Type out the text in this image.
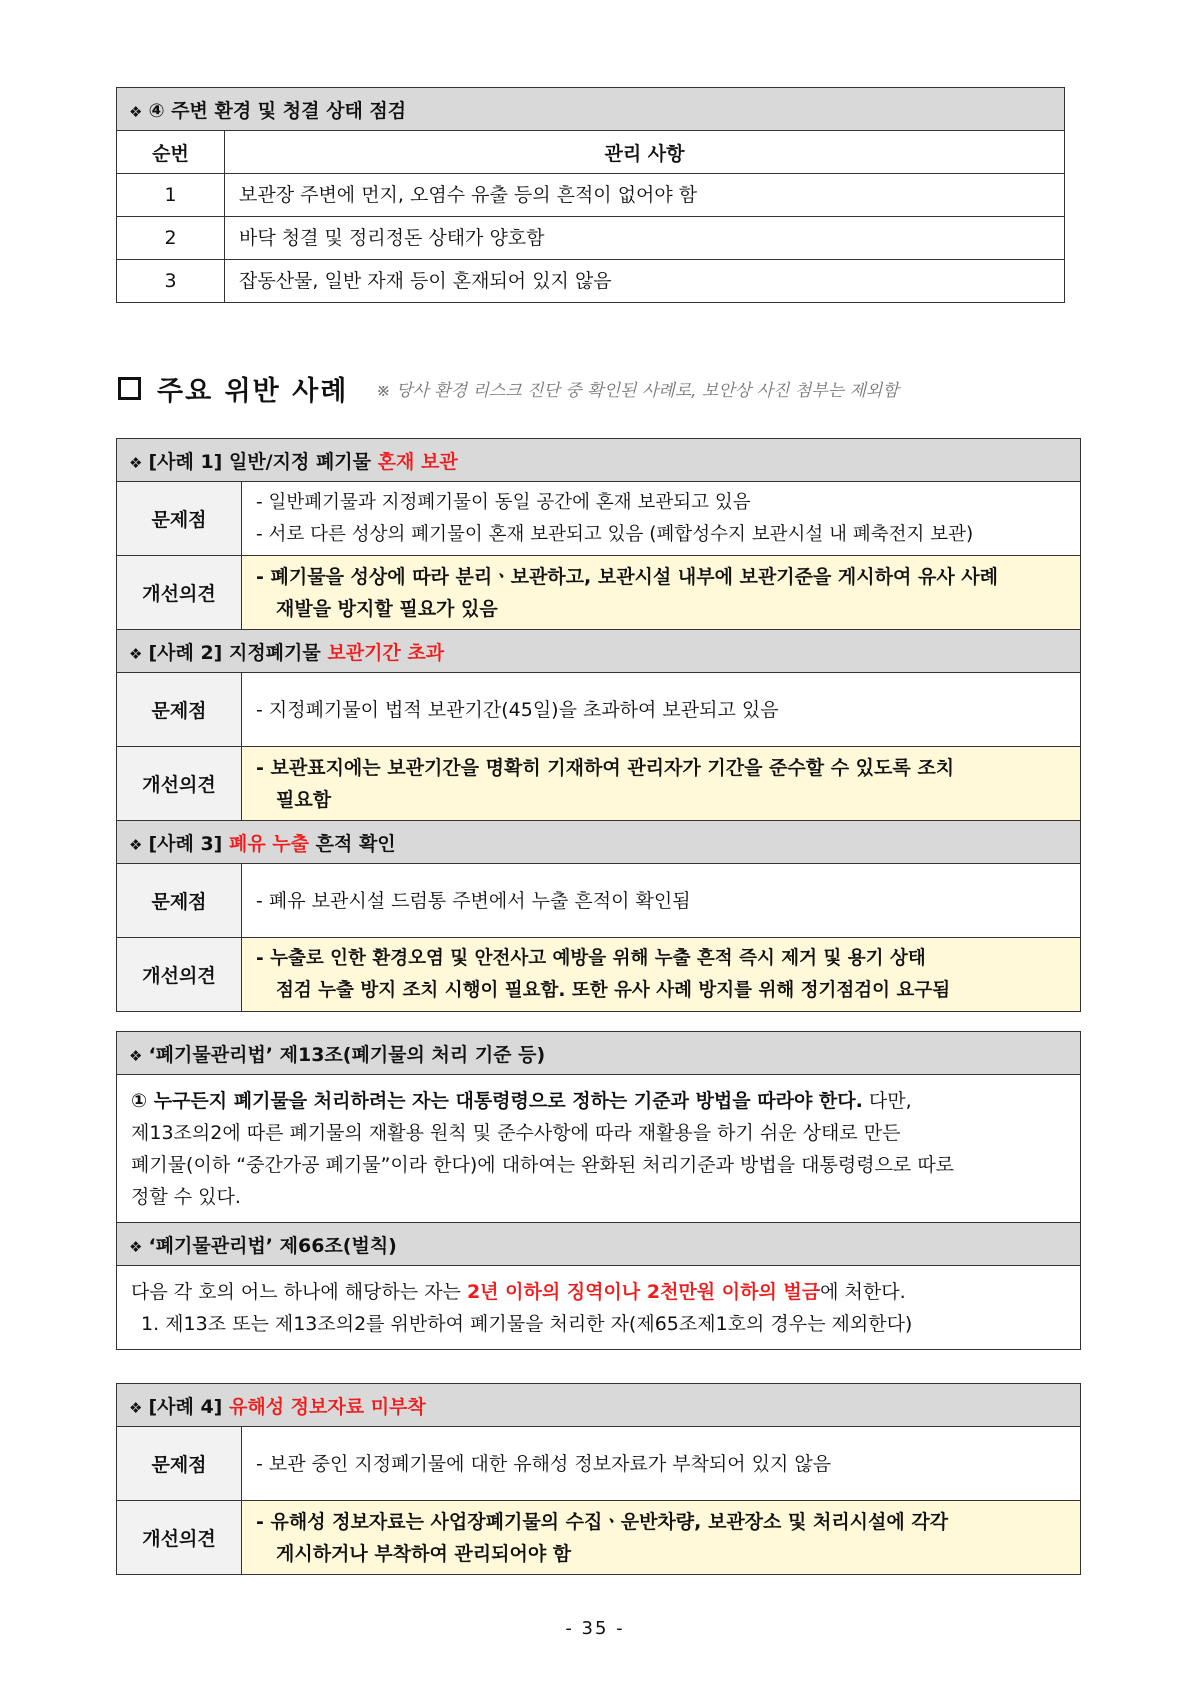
❖ ④ 주변 환경 및 청결 상태 점검	
순번	관리 사항
1	보관장 주변에 먼지, 오염수 유출 등의 흔적이 없어야 함
2	바닥 청결 및 정리정돈 상태가 양호함
3	잡동산물, 일반 자재 등이 혼재되어 있지 않음
주요 위반 사례 ※ 당사 환경 리스크 진단 중 확인된 사례로, 보안상 사진 첨부는 제외함
❖ [사례 1] 일반/지정 폐기물 혼재 보관	
문제점	- 일반폐기물과 지정폐기물이 동일 공간에 혼재 보관되고 있음
- 서로 다른 성상의 폐기물이 혼재 보관되고 있음 (폐합성수지 보관시설 내 폐축전지 보관)

개선의견	- 폐기물을 성상에 따라 분리ㆍ보관하고, 보관시설 내부에 보관기준을 게시하여 유사 사례
재발을 방지할 필요가 있음

❖ [사례 2] 지정폐기물 보관기간 초과	
문제점	- 지정폐기물이 법적 보관기간(45일)을 초과하여 보관되고 있음
개선의견	- 보관표지에는 보관기간을 명확히 기재하여 관리자가 기간을 준수할 수 있도록 조치
필요함

❖ [사례 3] 폐유 누출 흔적 확인	
문제점	- 폐유 보관시설 드럼통 주변에서 누출 흔적이 확인됨
개선의견	- 누출로 인한 환경오염 및 안전사고 예방을 위해 누출 흔적 즉시 제거 및 용기 상태
점검 누출 방지 조치 시행이 필요함. 또한 유사 사례 방지를 위해 정기점검이 요구됨
❖ ‘폐기물관리법’ 제13조(폐기물의 처리 기준 등)

① 누구든지 폐기물을 처리하려는 자는 대통령령으로 정하는 기준과 방법을 따라야 한다. 다만,
제13조의2에 따른 폐기물의 재활용 원칙 및 준수사항에 따라 재활용을 하기 쉬운 상태로 만든
폐기물(이하 “중간가공 폐기물”이라 한다)에 대하여는 완화된 처리기준과 방법을 대통령령으로 따로
정할 수 있다.

❖ ‘폐기물관리법’ 제66조(벌칙)

다음 각 호의 어느 하나에 해당하는 자는 2년 이하의 징역이나 2천만원 이하의 벌금에 처한다.
1. 제13조 또는 제13조의2를 위반하여 폐기물을 처리한 자(제65조제1호의 경우는 제외한다)
❖ [사례 4] 유해성 정보자료 미부착	
문제점	- 보관 중인 지정폐기물에 대한 유해성 정보자료가 부착되어 있지 않음
개선의견	- 유해성 정보자료는 사업장폐기물의 수집ㆍ운반차량, 보관장소 및 처리시설에 각각
게시하거나 부착하여 관리되어야 함
- 35 -
